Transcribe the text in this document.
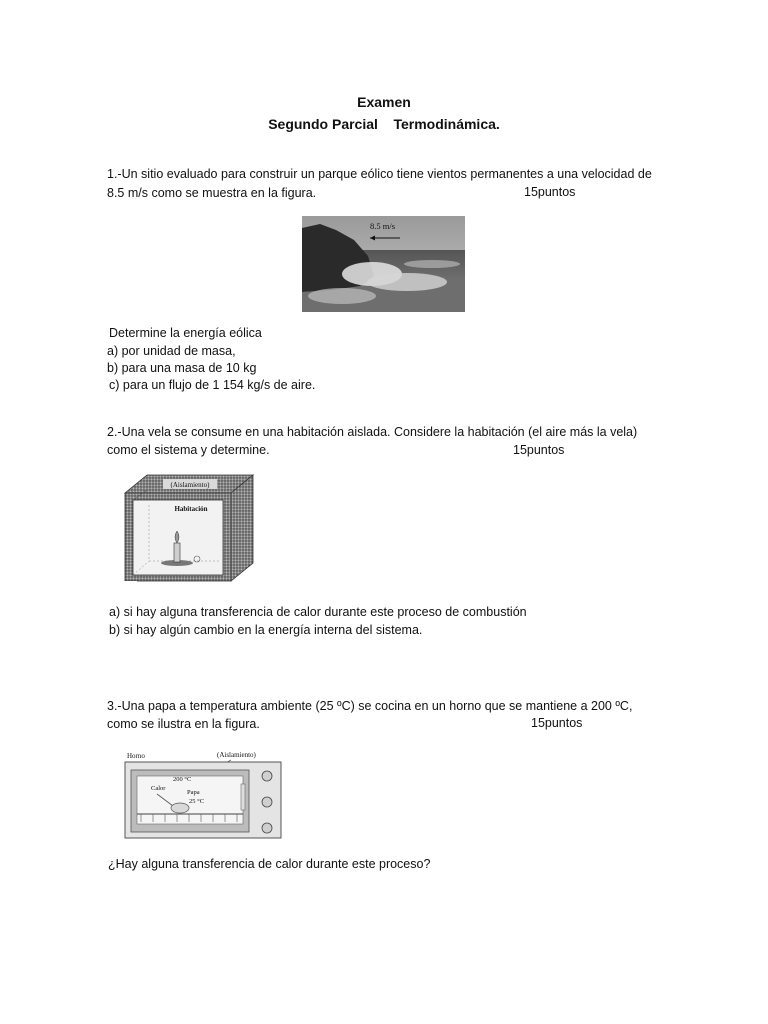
Examen
Segundo Parcial    Termodinámica.
1.-Un sitio evaluado para construir un parque eólico tiene vientos permanentes a una velocidad de
8.5 m/s como se muestra en la figura.	15puntos
8.5 m/s
Determine la energía eólica
a) por unidad de masa,
b) para una masa de 10 kg
c) para un flujo de 1 154 kg/s de aire.
2.-Una vela se consume en una habitación aislada. Considere la habitación (el aire más la vela)
como el sistema y determine.	15puntos
(Aislamiento)
Habitación
a) si hay alguna transferencia de calor durante este proceso de combustión
b) si hay algún cambio en la energía interna del sistema.
3.-Una papa a temperatura ambiente (25 ºC) se cocina en un horno que se mantiene a 200 ºC,
como se ilustra en la figura.	15puntos
Horno	(Aislamiento)
200 °C
Calor
Papa
25 °C
¿Hay alguna transferencia de calor durante este proceso?
